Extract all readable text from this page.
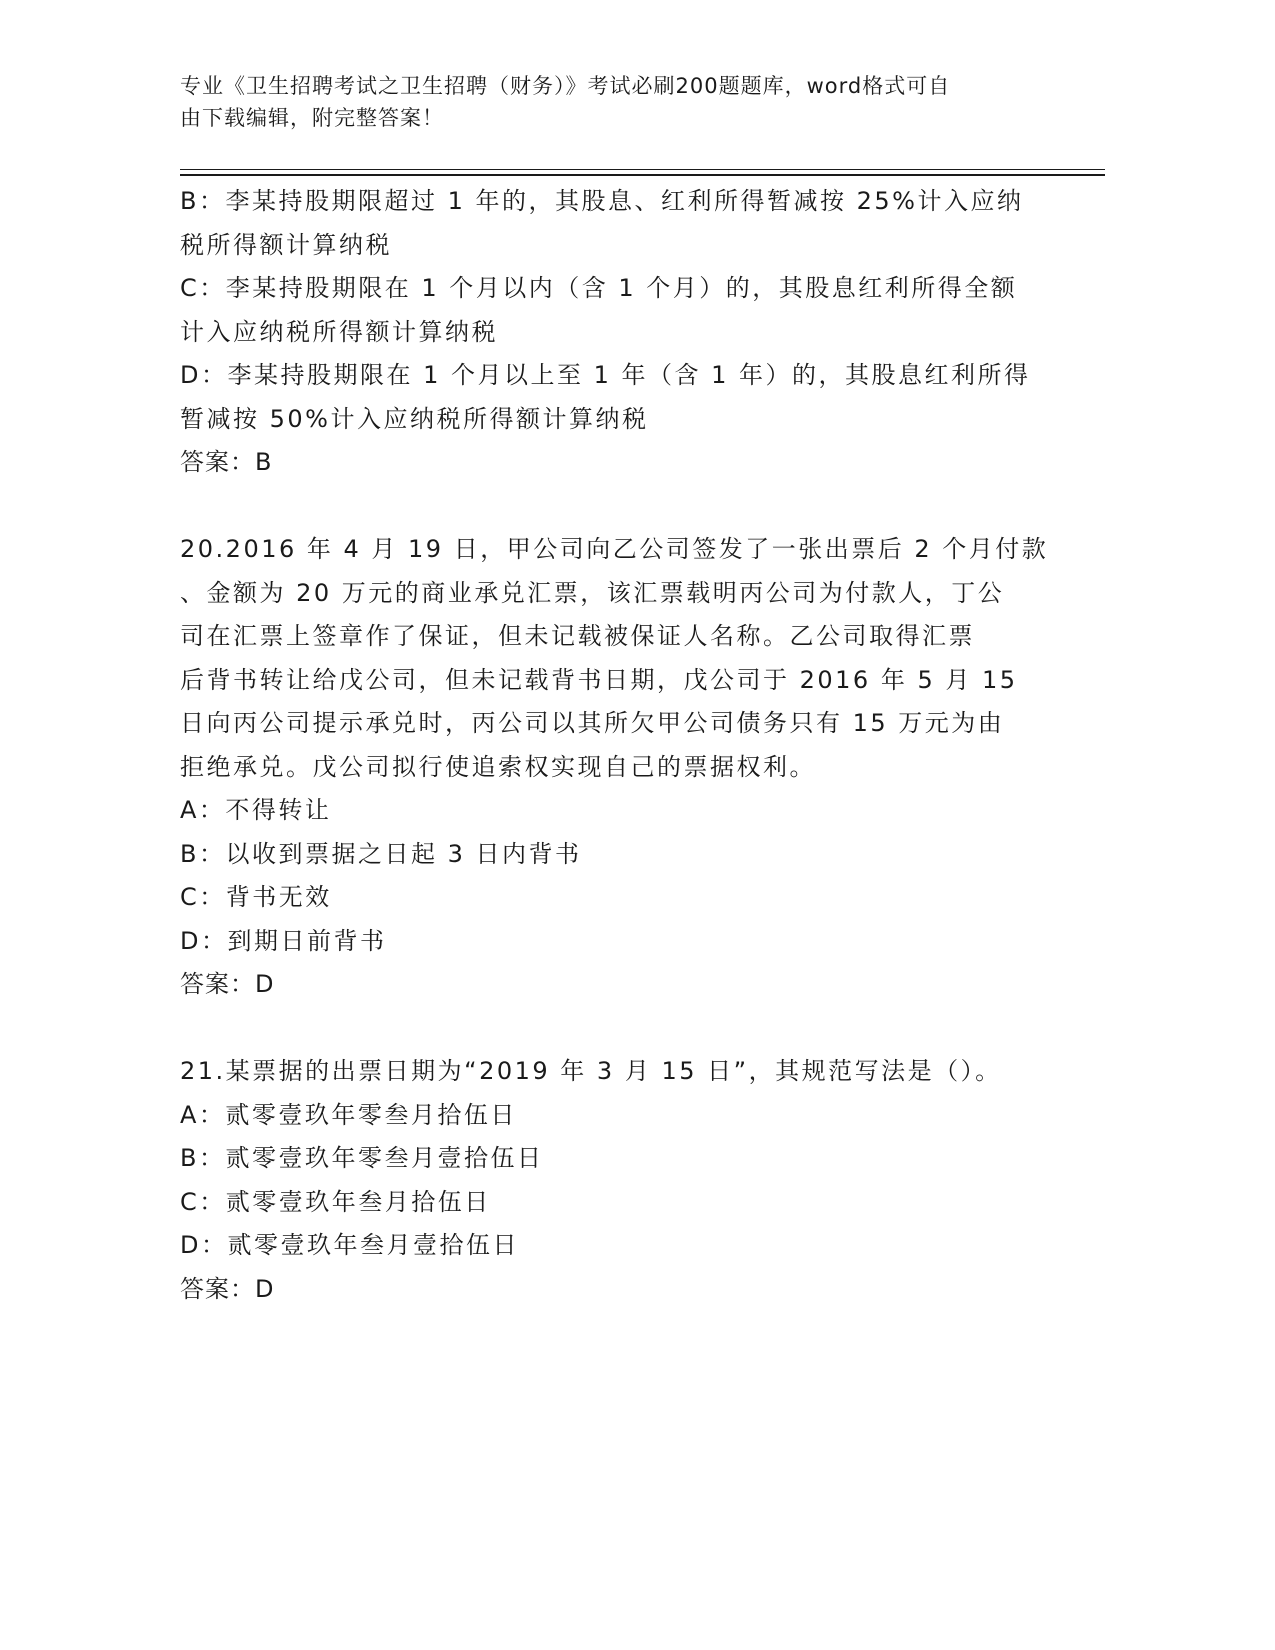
专业《卫生招聘考试之卫生招聘（财务）》考试必刷200题题库，word格式可自
由下载编辑，附完整答案！
B：李某持股期限超过 1 年的，其股息、红利所得暂减按 25%计入应纳
税所得额计算纳税
C：李某持股期限在 1 个月以内（含 1 个月）的，其股息红利所得全额
计入应纳税所得额计算纳税
D：李某持股期限在 1 个月以上至 1 年（含 1 年）的，其股息红利所得
暂减按 50%计入应纳税所得额计算纳税
答案：B
20.2016 年 4 月 19 日，甲公司向乙公司签发了一张出票后 2 个月付款
、金额为 20 万元的商业承兑汇票，该汇票载明丙公司为付款人，丁公
司在汇票上签章作了保证，但未记载被保证人名称。乙公司取得汇票
后背书转让给戊公司，但未记载背书日期，戊公司于 2016 年 5 月 15
日向丙公司提示承兑时，丙公司以其所欠甲公司债务只有 15 万元为由
拒绝承兑。戊公司拟行使追索权实现自己的票据权利。
A：不得转让
B：以收到票据之日起 3 日内背书
C：背书无效
D：到期日前背书
答案：D
21.某票据的出票日期为“2019 年 3 月 15 日”，其规范写法是（）。
A：贰零壹玖年零叁月拾伍日
B：贰零壹玖年零叁月壹拾伍日
C：贰零壹玖年叁月拾伍日
D：贰零壹玖年叁月壹拾伍日
答案：D
